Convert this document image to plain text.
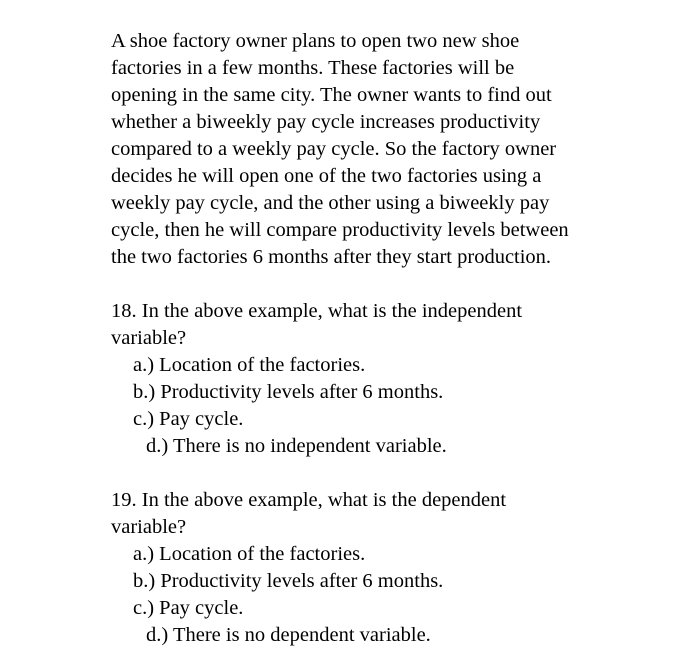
A shoe factory owner plans to open two new shoe
factories in a few months. These factories will be
opening in the same city. The owner wants to find out
whether a biweekly pay cycle increases productivity
compared to a weekly pay cycle. So the factory owner
decides he will open one of the two factories using a
weekly pay cycle, and the other using a biweekly pay
cycle, then he will compare productivity levels between
the two factories 6 months after they start production.
18. In the above example, what is the independent
variable?
a.) Location of the factories.
b.) Productivity levels after 6 months.
c.) Pay cycle.
d.) There is no independent variable.
19. In the above example, what is the dependent
variable?
a.) Location of the factories.
b.) Productivity levels after 6 months.
c.) Pay cycle.
d.) There is no dependent variable.
